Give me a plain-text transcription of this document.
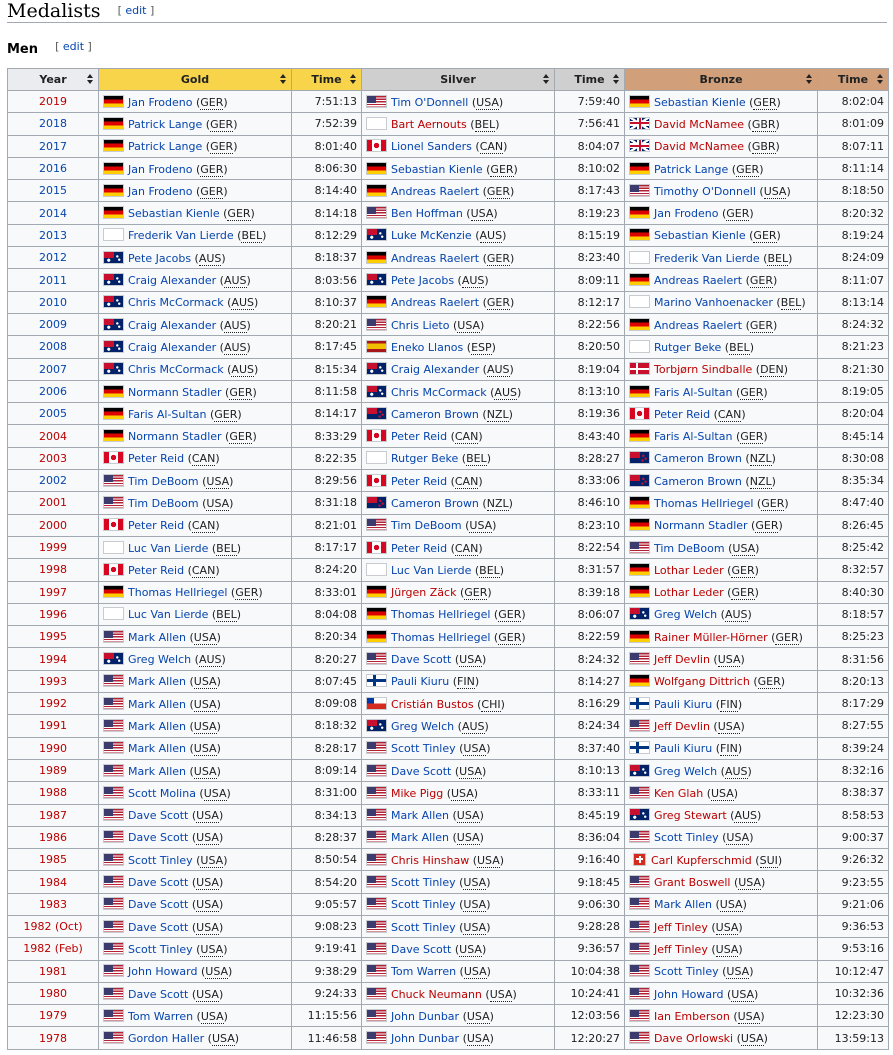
Medalists [ edit ]
Men [ edit ]
Year	Gold	Time	Silver	Time	Bronze	Time

2019	Jan Frodeno (GER)	7:51:13	Tim O'Donnell (USA)	7:59:40	Sebastian Kienle (GER)	8:02:04
2018	Patrick Lange (GER)	7:52:39	Bart Aernouts (BEL)	7:56:41	David McNamee (GBR)	8:01:09
2017	Patrick Lange (GER)	8:01:40	Lionel Sanders (CAN)	8:04:07	David McNamee (GBR)	8:07:11
2016	Jan Frodeno (GER)	8:06:30	Sebastian Kienle (GER)	8:10:02	Patrick Lange (GER)	8:11:14
2015	Jan Frodeno (GER)	8:14:40	Andreas Raelert (GER)	8:17:43	Timothy O'Donnell (USA)	8:18:50
2014	Sebastian Kienle (GER)	8:14:18	Ben Hoffman (USA)	8:19:23	Jan Frodeno (GER)	8:20:32
2013	Frederik Van Lierde (BEL)	8:12:29	Luke McKenzie (AUS)	8:15:19	Sebastian Kienle (GER)	8:19:24
2012	Pete Jacobs (AUS)	8:18:37	Andreas Raelert (GER)	8:23:40	Frederik Van Lierde (BEL)	8:24:09
2011	Craig Alexander (AUS)	8:03:56	Pete Jacobs (AUS)	8:09:11	Andreas Raelert (GER)	8:11:07
2010	Chris McCormack (AUS)	8:10:37	Andreas Raelert (GER)	8:12:17	Marino Vanhoenacker (BEL)	8:13:14
2009	Craig Alexander (AUS)	8:20:21	Chris Lieto (USA)	8:22:56	Andreas Raelert (GER)	8:24:32
2008	Craig Alexander (AUS)	8:17:45	Eneko Llanos (ESP)	8:20:50	Rutger Beke (BEL)	8:21:23
2007	Chris McCormack (AUS)	8:15:34	Craig Alexander (AUS)	8:19:04	Torbjørn Sindballe (DEN)	8:21:30
2006	Normann Stadler (GER)	8:11:58	Chris McCormack (AUS)	8:13:10	Faris Al-Sultan (GER)	8:19:05
2005	Faris Al-Sultan (GER)	8:14:17	Cameron Brown (NZL)	8:19:36	Peter Reid (CAN)	8:20:04
2004	Normann Stadler (GER)	8:33:29	Peter Reid (CAN)	8:43:40	Faris Al-Sultan (GER)	8:45:14
2003	Peter Reid (CAN)	8:22:35	Rutger Beke (BEL)	8:28:27	Cameron Brown (NZL)	8:30:08
2002	Tim DeBoom (USA)	8:29:56	Peter Reid (CAN)	8:33:06	Cameron Brown (NZL)	8:35:34
2001	Tim DeBoom (USA)	8:31:18	Cameron Brown (NZL)	8:46:10	Thomas Hellriegel (GER)	8:47:40
2000	Peter Reid (CAN)	8:21:01	Tim DeBoom (USA)	8:23:10	Normann Stadler (GER)	8:26:45
1999	Luc Van Lierde (BEL)	8:17:17	Peter Reid (CAN)	8:22:54	Tim DeBoom (USA)	8:25:42
1998	Peter Reid (CAN)	8:24:20	Luc Van Lierde (BEL)	8:31:57	Lothar Leder (GER)	8:32:57
1997	Thomas Hellriegel (GER)	8:33:01	Jürgen Zäck (GER)	8:39:18	Lothar Leder (GER)	8:40:30
1996	Luc Van Lierde (BEL)	8:04:08	Thomas Hellriegel (GER)	8:06:07	Greg Welch (AUS)	8:18:57
1995	Mark Allen (USA)	8:20:34	Thomas Hellriegel (GER)	8:22:59	Rainer Müller-Hörner (GER)	8:25:23
1994	Greg Welch (AUS)	8:20:27	Dave Scott (USA)	8:24:32	Jeff Devlin (USA)	8:31:56
1993	Mark Allen (USA)	8:07:45	Pauli Kiuru (FIN)	8:14:27	Wolfgang Dittrich (GER)	8:20:13
1992	Mark Allen (USA)	8:09:08	Cristián Bustos (CHI)	8:16:29	Pauli Kiuru (FIN)	8:17:29
1991	Mark Allen (USA)	8:18:32	Greg Welch (AUS)	8:24:34	Jeff Devlin (USA)	8:27:55
1990	Mark Allen (USA)	8:28:17	Scott Tinley (USA)	8:37:40	Pauli Kiuru (FIN)	8:39:24
1989	Mark Allen (USA)	8:09:14	Dave Scott (USA)	8:10:13	Greg Welch (AUS)	8:32:16
1988	Scott Molina (USA)	8:31:00	Mike Pigg (USA)	8:33:11	Ken Glah (USA)	8:38:37
1987	Dave Scott (USA)	8:34:13	Mark Allen (USA)	8:45:19	Greg Stewart (AUS)	8:58:53
1986	Dave Scott (USA)	8:28:37	Mark Allen (USA)	8:36:04	Scott Tinley (USA)	9:00:37
1985	Scott Tinley (USA)	8:50:54	Chris Hinshaw (USA)	9:16:40	Carl Kupferschmid (SUI)	9:26:32
1984	Dave Scott (USA)	8:54:20	Scott Tinley (USA)	9:18:45	Grant Boswell (USA)	9:23:55
1983	Dave Scott (USA)	9:05:57	Scott Tinley (USA)	9:06:30	Mark Allen (USA)	9:21:06
1982 (Oct)	Dave Scott (USA)	9:08:23	Scott Tinley (USA)	9:28:28	Jeff Tinley (USA)	9:36:53
1982 (Feb)	Scott Tinley (USA)	9:19:41	Dave Scott (USA)	9:36:57	Jeff Tinley (USA)	9:53:16
1981	John Howard (USA)	9:38:29	Tom Warren (USA)	10:04:38	Scott Tinley (USA)	10:12:47
1980	Dave Scott (USA)	9:24:33	Chuck Neumann (USA)	10:24:41	John Howard (USA)	10:32:36
1979	Tom Warren (USA)	11:15:56	John Dunbar (USA)	12:03:56	Ian Emberson (USA)	12:23:30
1978	Gordon Haller (USA)	11:46:58	John Dunbar (USA)	12:20:27	Dave Orlowski (USA)	13:59:13
